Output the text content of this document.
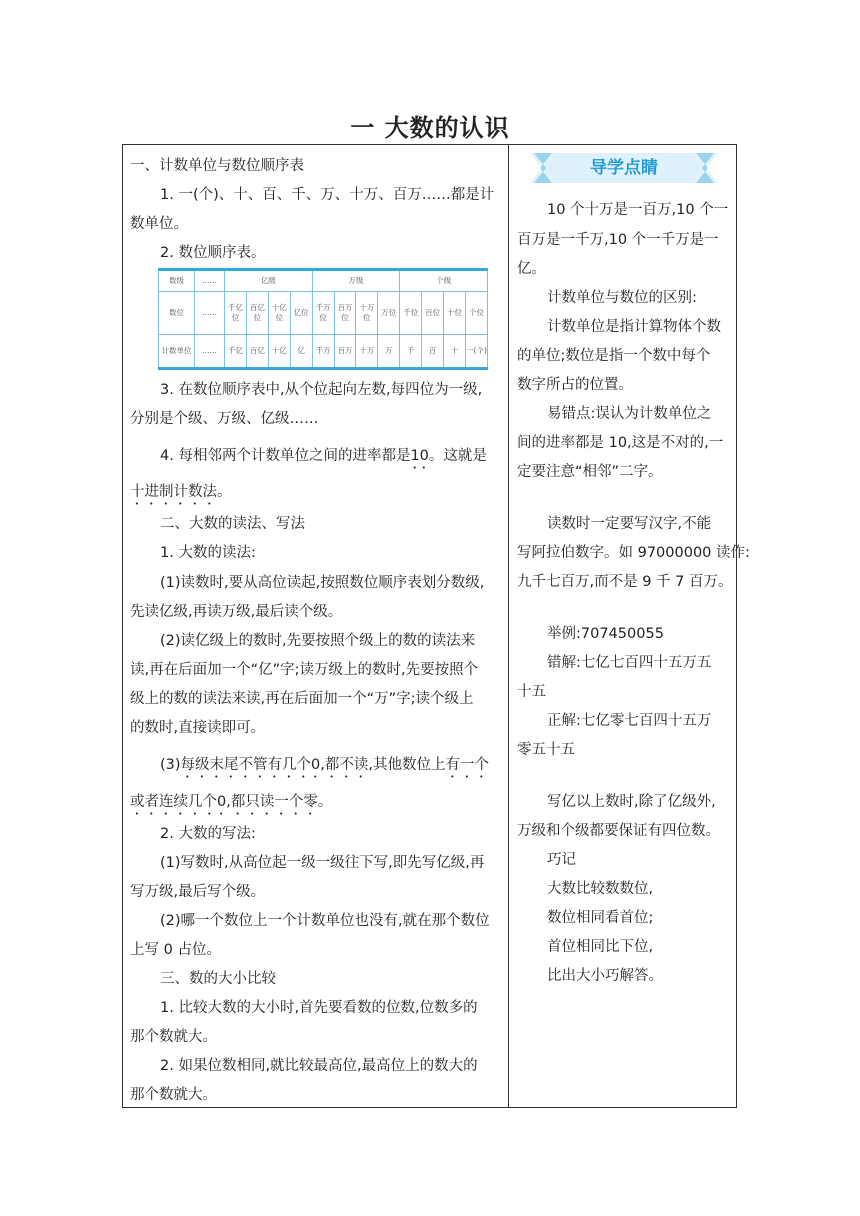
一 大数的认识
一、计数单位与数位顺序表
1. 一(个)、十、百、千、万、十万、百万……都是计
数单位。
2. 数位顺序表。
3. 在数位顺序表中,从个位起向左数,每四位为一级,
分别是个级、万级、亿级……
4. 每相邻两个计数单位之间的进率都是10。这就是
十进制计数法。
二、大数的读法、写法
1. 大数的读法:
(1)读数时,要从高位读起,按照数位顺序表划分数级,
先读亿级,再读万级,最后读个级。
(2)读亿级上的数时,先要按照个级上的数的读法来
读,再在后面加一个“亿”字;读万级上的数时,先要按照个
级上的数的读法来读,再在后面加一个“万”字;读个级上
的数时,直接读即可。
(3)每级末尾不管有几个0,都不读,其他数位上有一个
或者连续几个0,都只读一个零。
2. 大数的写法:
(1)写数时,从高位起一级一级往下写,即先写亿级,再
写万级,最后写个级。
(2)哪一个数位上一个计数单位也没有,就在那个数位
上写 0 占位。
三、数的大小比较
1. 比较大数的大小时,首先要看数的位数,位数多的
那个数就大。
2. 如果位数相同,就比较最高位,最高位上的数大的
那个数就大。
数级	……	亿级				万级				个级			
数位	……	千亿位	百亿位	十亿位	亿位	千万位	百万位	十万位	万位	千位	百位	十位	个位
计数单位	……	千亿	百亿	十亿	亿	千万	百万	十万	万	千	百	十	一(个)
导学点睛
10 个十万是一百万,10 个一
百万是一千万,10 个一千万是一
亿。
计数单位与数位的区别:
计数单位是指计算物体个数
的单位;数位是指一个数中每个
数字所占的位置。
易错点:误认为计数单位之
间的进率都是 10,这是不对的,一
定要注意“相邻”二字。
读数时一定要写汉字,不能
写阿拉伯数字。如 97000000 读作:
九千七百万,而不是 9 千 7 百万。
举例:707450055
错解:七亿七百四十五万五
十五
正解:七亿零七百四十五万
零五十五
写亿以上数时,除了亿级外,
万级和个级都要保证有四位数。
巧记
大数比较数数位,
数位相同看首位;
首位相同比下位,
比出大小巧解答。
